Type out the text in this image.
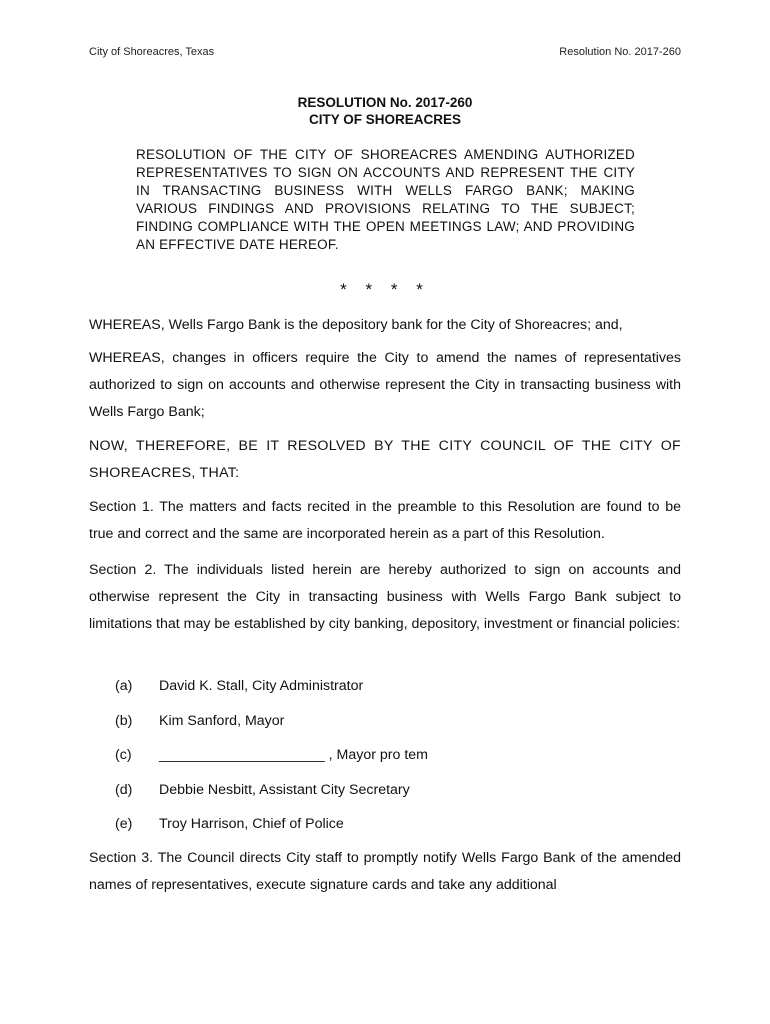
City of Shoreacres, Texas	Resolution No. 2017-260
RESOLUTION No. 2017-260
CITY OF SHOREACRES
RESOLUTION OF THE CITY OF SHOREACRES AMENDING AUTHORIZED REPRESENTATIVES TO SIGN ON ACCOUNTS AND REPRESENT THE CITY IN TRANSACTING BUSINESS WITH WELLS FARGO BANK; MAKING VARIOUS FINDINGS AND PROVISIONS RELATING TO THE SUBJECT; FINDING COMPLIANCE WITH THE OPEN MEETINGS LAW; AND PROVIDING AN EFFECTIVE DATE HEREOF.
* * * *

WHEREAS, Wells Fargo Bank is the depository bank for the City of Shoreacres; and,

WHEREAS, changes in officers require the City to amend the names of representatives authorized to sign on accounts and otherwise represent the City in transacting business with Wells Fargo Bank;

NOW, THEREFORE, BE IT RESOLVED BY THE CITY COUNCIL OF THE CITY OF SHOREACRES, THAT:

Section 1. The matters and facts recited in the preamble to this Resolution are found to be true and correct and the same are incorporated herein as a part of this Resolution.

Section 2. The individuals listed herein are hereby authorized to sign on accounts and otherwise represent the City in transacting business with Wells Fargo Bank subject to limitations that may be established by city banking, depository, investment or financial policies:

(a)	David K. Stall, City Administrator
(b)	Kim Sanford, Mayor
(c)	_____________________ , Mayor pro tem
(d)	Debbie Nesbitt, Assistant City Secretary
(e)	Troy Harrison, Chief of Police

Section 3. The Council directs City staff to promptly notify Wells Fargo Bank of the amended names of representatives, execute signature cards and take any additional
